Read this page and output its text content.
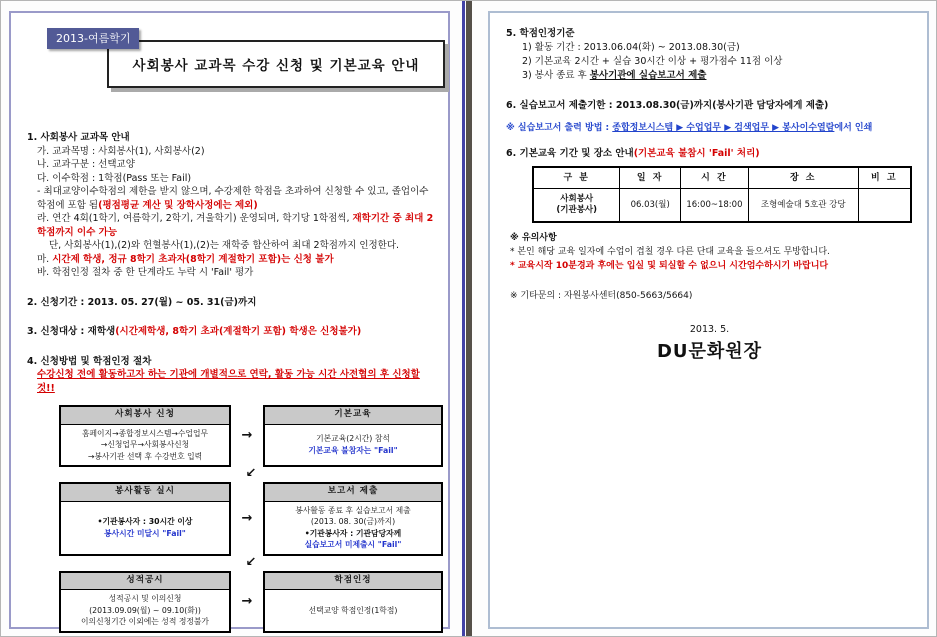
2013-여름학기
사회봉사 교과목 수강 신청 및 기본교육 안내
1. 사회봉사 교과목 안내
가. 교과목명 : 사회봉사(1), 사회봉사(2)
나. 교과구분 : 선택교양
다. 이수학점 : 1학점(Pass 또는 Fail)
- 최대교양이수학점의 제한을 받지 않으며, 수강제한 학점을 초과하여 신청할 수 있고, 졸업이수 학점에 포함 됨(평점평균 계산 및 장학사정에는 제외)
라. 연간 4회(1학기, 여름학기, 2학기, 겨울학기) 운영되며, 학기당 1학점씩, 재학기간 중 최대 2학점까지 이수 가능
단, 사회봉사(1),(2)와 헌혈봉사(1),(2)는 재학중 합산하여 최대 2학점까지 인정한다.
마. 시간제 학생, 정규 8학기 초과자(8학기 계절학기 포함)는 신청 불가
바. 학점인정 절차 중 한 단계라도 누락 시 'Fail' 평가
2. 신청기간 : 2013. 05. 27(월) ~ 05. 31(금)까지
3. 신청대상 : 재학생(시간제학생, 8학기 초과(계절학기 포함) 학생은 신청불가)
4. 신청방법 및 학점인정 절차
수강신청 전에 활동하고자 하는 기관에 개별적으로 연락, 활동 가능 시간 사전협의 후 신청할 것!!
사회봉사 신청
홈페이지→종합정보시스템→수업업무
→신청업무→사회봉사신청
→봉사기관 선택 후 수강번호 입력
→
기본교육
기본교육(2시간) 참석
기본교육 불참자는 "Fail"
↙
봉사활동 실시
•기관봉사자 : 30시간 이상
봉사시간 미달시 "Fail"
→
보고서 제출
봉사활동 종료 후 실습보고서 제출
(2013. 08. 30(금)까지)
•기관봉사자 : 기관담당자께
실습보고서 미제출시 "Fail"
↙
성적공시
성적공시 및 이의신청
(2013.09.09(월) ~ 09.10(화))
이의신청기간 이외에는 성적 정정불가
→
학점인정
선택교양 학점인정(1학점)
5. 학점인정기준
1) 활동 기간 : 2013.06.04(화) ~ 2013.08.30(금)
2) 기본교육 2시간 + 실습 30시간 이상 + 평가점수 11점 이상
3) 봉사 종료 후 봉사기관에 실습보고서 제출
6. 실습보고서 제출기한 : 2013.08.30(금)까지(봉사기관 담당자에게 제출)
※ 실습보고서 출력 방법 : 종합정보시스템 ▶ 수업업무 ▶ 검색업무 ▶ 봉사이수열람에서 인쇄
6. 기본교육 기간 및 장소 안내(기본교육 불참시 'Fail' 처리)
구 분	일 자	시 간	장 소	비 고
사회봉사
(기관봉사)	06.03(월)	16:00~18:00	조형예술대 5호관 강당	
※ 유의사항
* 본인 해당 교육 일자에 수업이 겹칠 경우 다른 단대 교육을 들으셔도 무방합니다.
* 교육시작 10분경과 후에는 입실 및 퇴실할 수 없으니 시간엄수하시기 바랍니다
※ 기타문의 : 자원봉사센터(850-5663/5664)
2013. 5.
DU문화원장
